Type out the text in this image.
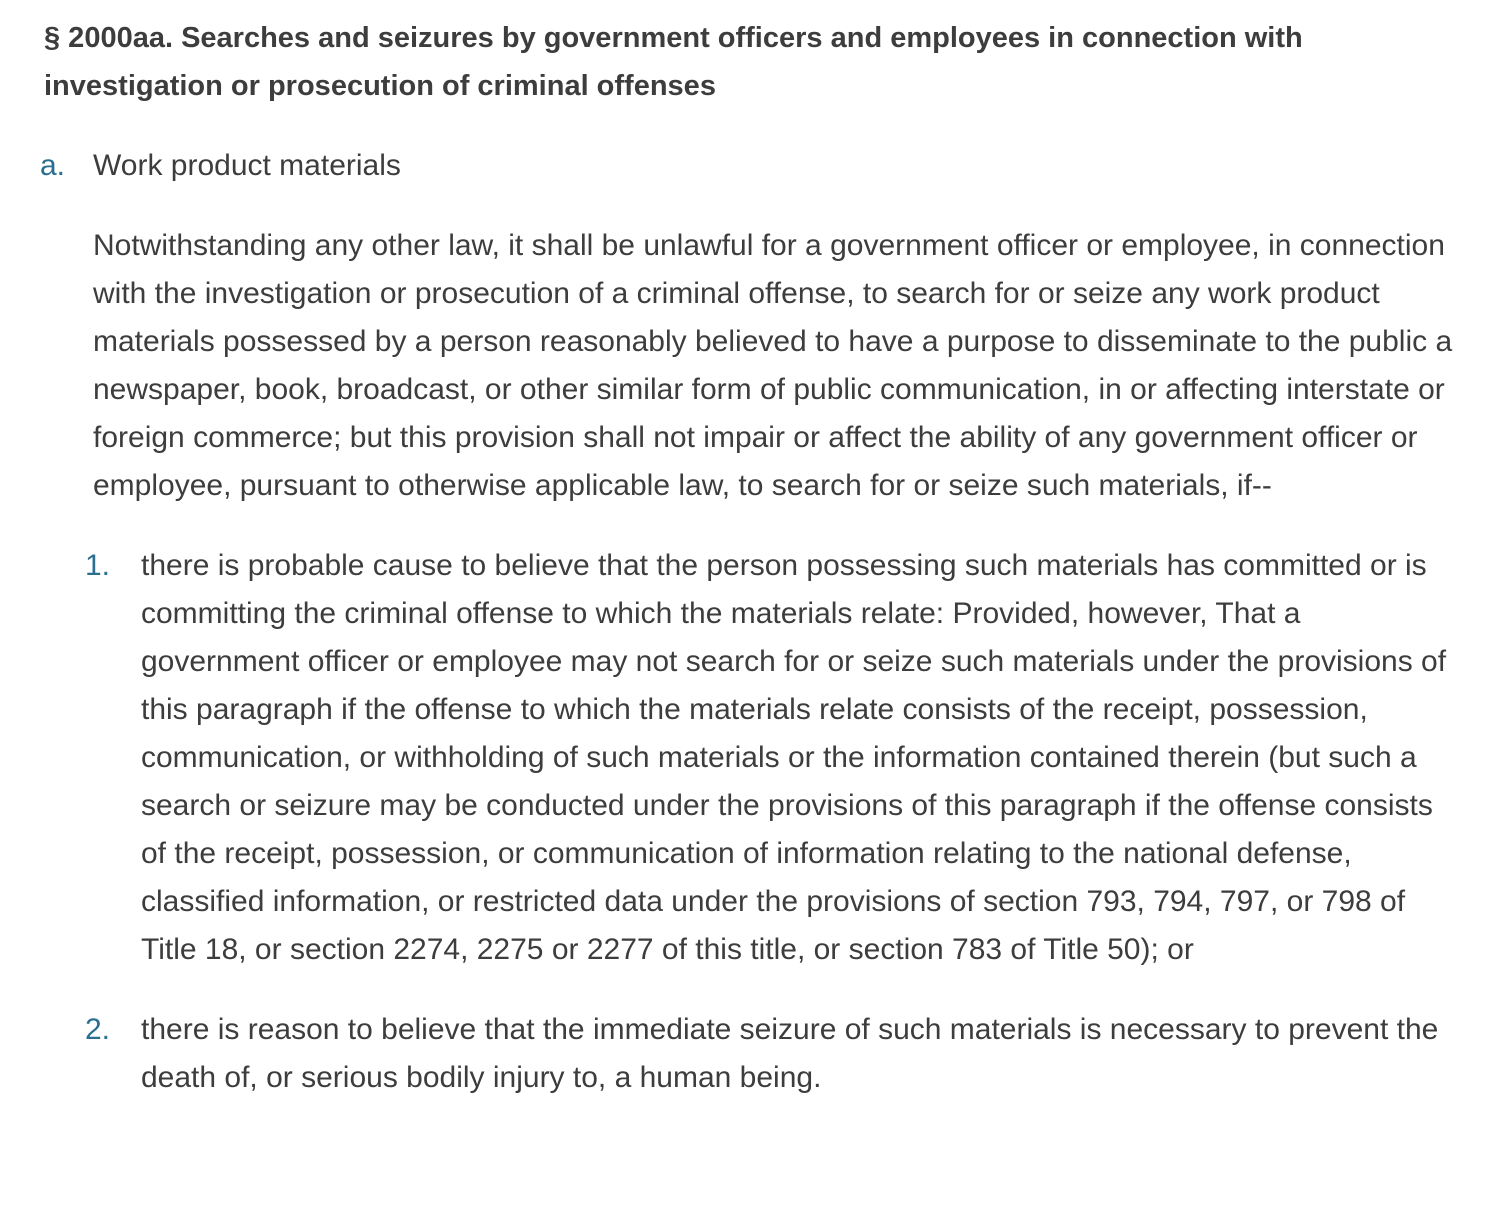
§ 2000aa. Searches and seizures by government officers and employees in connection with investigation or prosecution of criminal offenses
a. Work product materials

Notwithstanding any other law, it shall be unlawful for a government officer or employee, in connection with the investigation or prosecution of a criminal offense, to search for or seize any work product materials possessed by a person reasonably believed to have a purpose to disseminate to the public a newspaper, book, broadcast, or other similar form of public communication, in or affecting interstate or foreign commerce; but this provision shall not impair or affect the ability of any government officer or employee, pursuant to otherwise applicable law, to search for or seize such materials, if--

1. there is probable cause to believe that the person possessing such materials has committed or is committing the criminal offense to which the materials relate: Provided, however, That a government officer or employee may not search for or seize such materials under the provisions of this paragraph if the offense to which the materials relate consists of the receipt, possession, communication, or withholding of such materials or the information contained therein (but such a search or seizure may be conducted under the provisions of this paragraph if the offense consists of the receipt, possession, or communication of information relating to the national defense, classified information, or restricted data under the provisions of section 793, 794, 797, or 798 of Title 18, or section 2274, 2275 or 2277 of this title, or section 783 of Title 50); or

2. there is reason to believe that the immediate seizure of such materials is necessary to prevent the death of, or serious bodily injury to, a human being.
